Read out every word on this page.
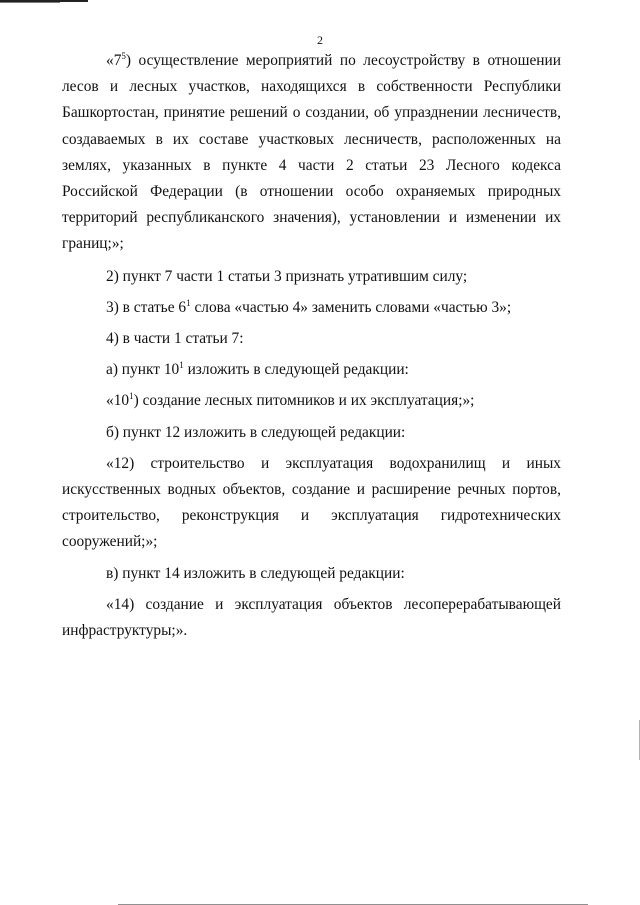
2

«$7^5$) осуществление мероприятий по лесоустройству в отношении лесов и лесных участков, находящихся в собственности Республики Башкортостан, принятие решений о создании, об упразднении лесничеств, создаваемых в их составе участковых лесничеств, расположенных на землях, указанных в пункте 4 части 2 статьи 23 Лесного кодекса Российской Федерации (в отношении особо охраняемых природных территорий республиканского значения), установлении и изменении их границ;»;

2) пункт 7 части 1 статьи 3 признать утратившим силу;

3) в статье $6^1$ слова «частью 4» заменить словами «частью 3»;

4) в части 1 статьи 7:

а) пункт $10^1$ изложить в следующей редакции:

«$10^1$) создание лесных питомников и их эксплуатация;»;

б) пункт 12 изложить в следующей редакции:

«12) строительство и эксплуатация водохранилищ и иных искусственных водных объектов, создание и расширение речных портов, строительство, реконструкция и эксплуатация гидротехнических сооружений;»;

в) пункт 14 изложить в следующей редакции:

«14) создание и эксплуатация объектов лесоперерабатывающей инфраструктуры;».
